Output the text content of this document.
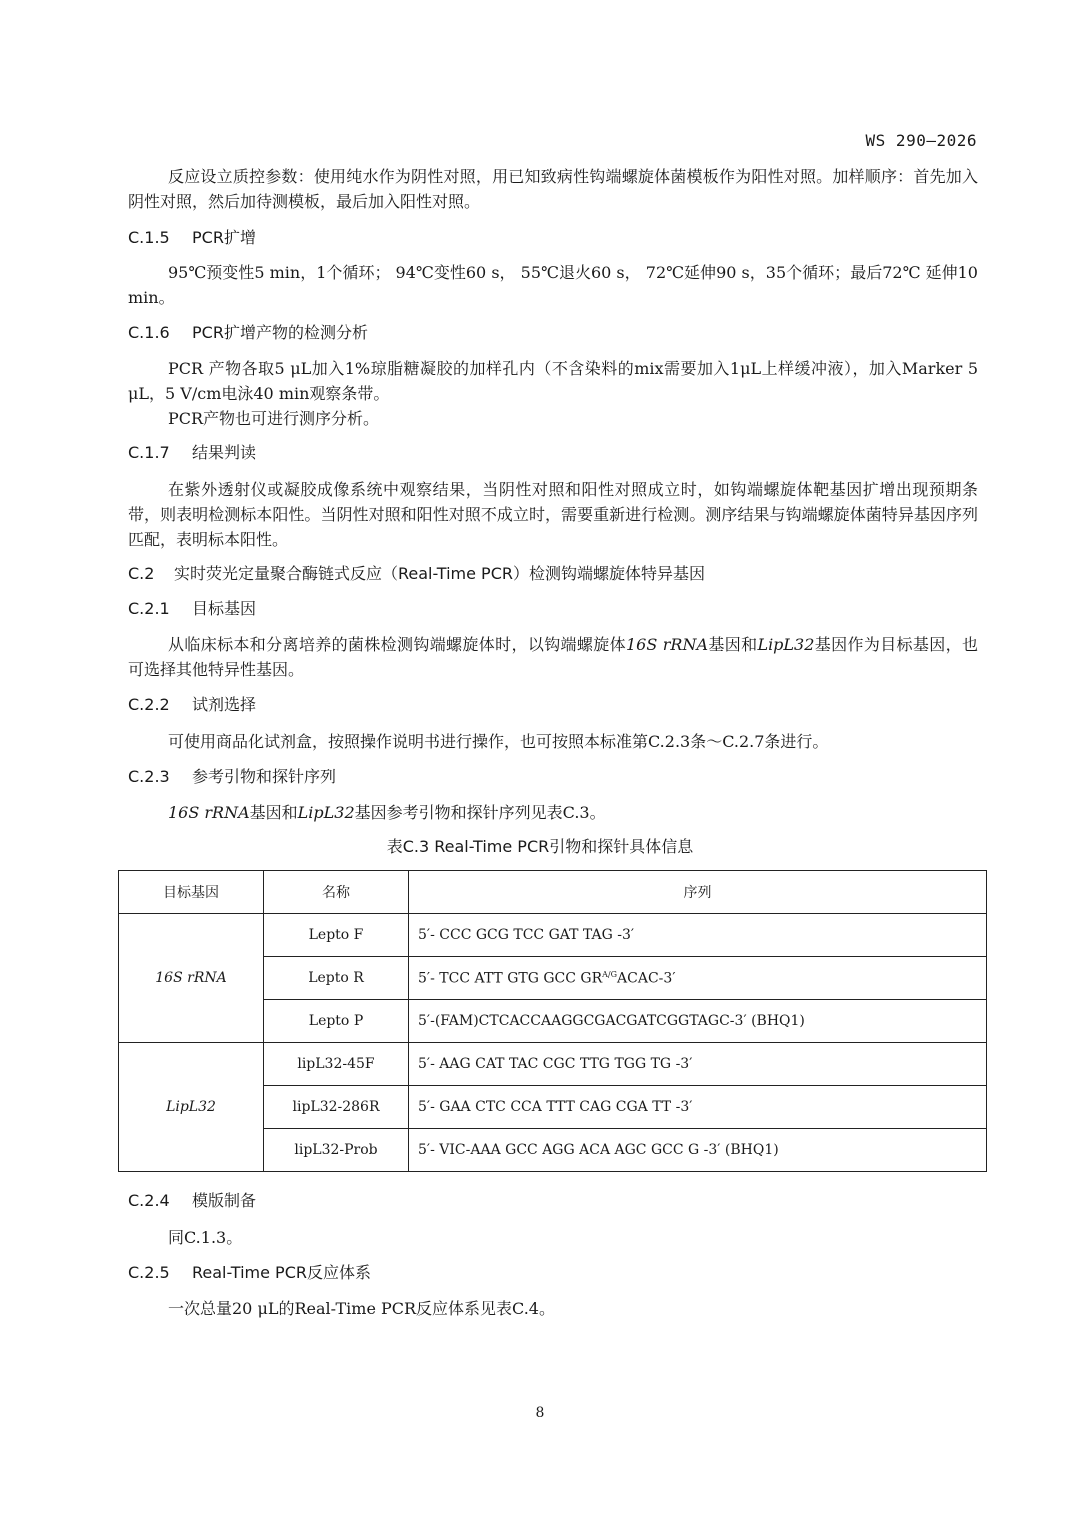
WS 290—2026
反应设立质控参数：使用纯水作为阴性对照，用已知致病性钩端螺旋体菌模板作为阳性对照。加样顺序：首先加入阴性对照，然后加待测模板，最后加入阳性对照。
C.1.5 PCR扩增
95℃预变性5 min，1个循环； 94℃变性60 s， 55℃退火60 s， 72℃延伸90 s，35个循环；最后72℃ 延伸10 min。
C.1.6 PCR扩增产物的检测分析
PCR 产物各取5 μL加入1%琼脂糖凝胶的加样孔内（不含染料的mix需要加入1μL上样缓冲液），加入Marker 5 μL，5 V/cm电泳40 min观察条带。
PCR产物也可进行测序分析。
C.1.7 结果判读
在紫外透射仪或凝胶成像系统中观察结果，当阴性对照和阳性对照成立时，如钩端螺旋体靶基因扩增出现预期条带，则表明检测标本阳性。当阴性对照和阳性对照不成立时，需要重新进行检测。测序结果与钩端螺旋体菌特异基因序列匹配，表明标本阳性。
C.2 实时荧光定量聚合酶链式反应（Real-Time PCR）检测钩端螺旋体特异基因
C.2.1 目标基因
从临床标本和分离培养的菌株检测钩端螺旋体时，以钩端螺旋体16S rRNA基因和LipL32基因作为目标基因，也可选择其他特异性基因。
C.2.2 试剂选择
可使用商品化试剂盒，按照操作说明书进行操作，也可按照本标准第C.2.3条～C.2.7条进行。
C.2.3 参考引物和探针序列
16S rRNA基因和LipL32基因参考引物和探针序列见表C.3。
表C.3 Real-Time PCR引物和探针具体信息
目标基因	名称	序列
16S rRNA	Lepto F	5′- CCC GCG TCC GAT TAG -3′
	Lepto R	5′- TCC ATT GTG GCC $GR^{A/G}ACAC-3'$
	Lepto P	5′-(FAM)CTCACCAAGGCGACGATCGGTAGC-3′ (BHQ1)
LipL32	lipL32-45F	5′- AAG CAT TAC CGC TTG TGG TG -3′
	lipL32-286R	5′- GAA CTC CCA TTT CAG CGA TT -3′
	lipL32-Prob	5′- VIC-AAA GCC AGG ACA AGC GCC G -3′ (BHQ1)
C.2.4 模版制备
同C.1.3。
C.2.5 Real-Time PCR反应体系
一次总量20 μL的Real-Time PCR反应体系见表C.4。
8
